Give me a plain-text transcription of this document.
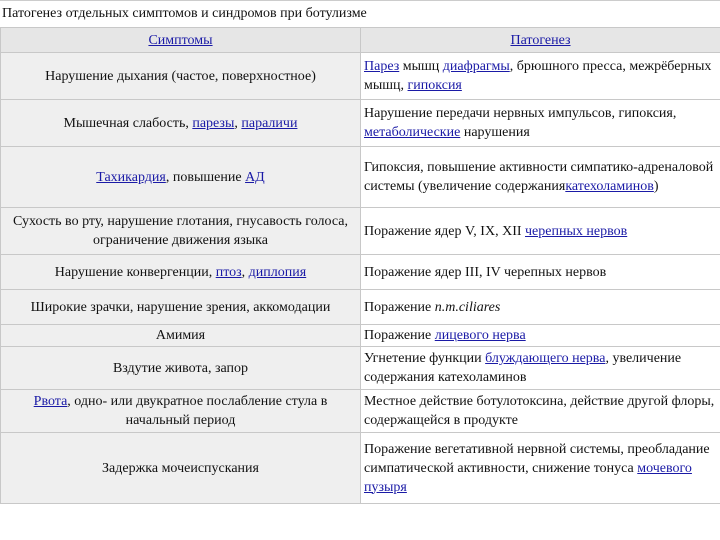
Патогенез отдельных симптомов и синдромов при ботулизме
Симптомы	Патогенез
Нарушение дыхания (частое, поверхностное)	Парез мышц диафрагмы, брюшного пресса, межрёберных мышц, гипоксия
Мышечная слабость, парезы, параличи	Нарушение передачи нервных импульсов, гипоксия, метаболические нарушения
Тахикардия, повышение АД	Гипоксия, повышение активности симпатико-адреналовой системы (увеличение содержаниякатехоламинов)
Сухость во рту, нарушение глотания, гнусавость голоса, ограничение движения языка	Поражение ядер V, IX, XII черепных нервов
Нарушение конвергенции, птоз, диплопия	Поражение ядер III, IV черепных нервов
Широкие зрачки, нарушение зрения, аккомодации	Поражение n.m.ciliares
Амимия	Поражение лицевого нерва
Вздутие живота, запор	Угнетение функции блуждающего нерва, увеличение содержания катехоламинов
Рвота, одно- или двукратное послабление стула в начальный период	Местное действие ботулотоксина, действие другой флоры, содержащейся в продукте
Задержка мочеиспускания	Поражение вегетативной нервной системы, преобладание симпатической активности, снижение тонуса мочевого пузыря
